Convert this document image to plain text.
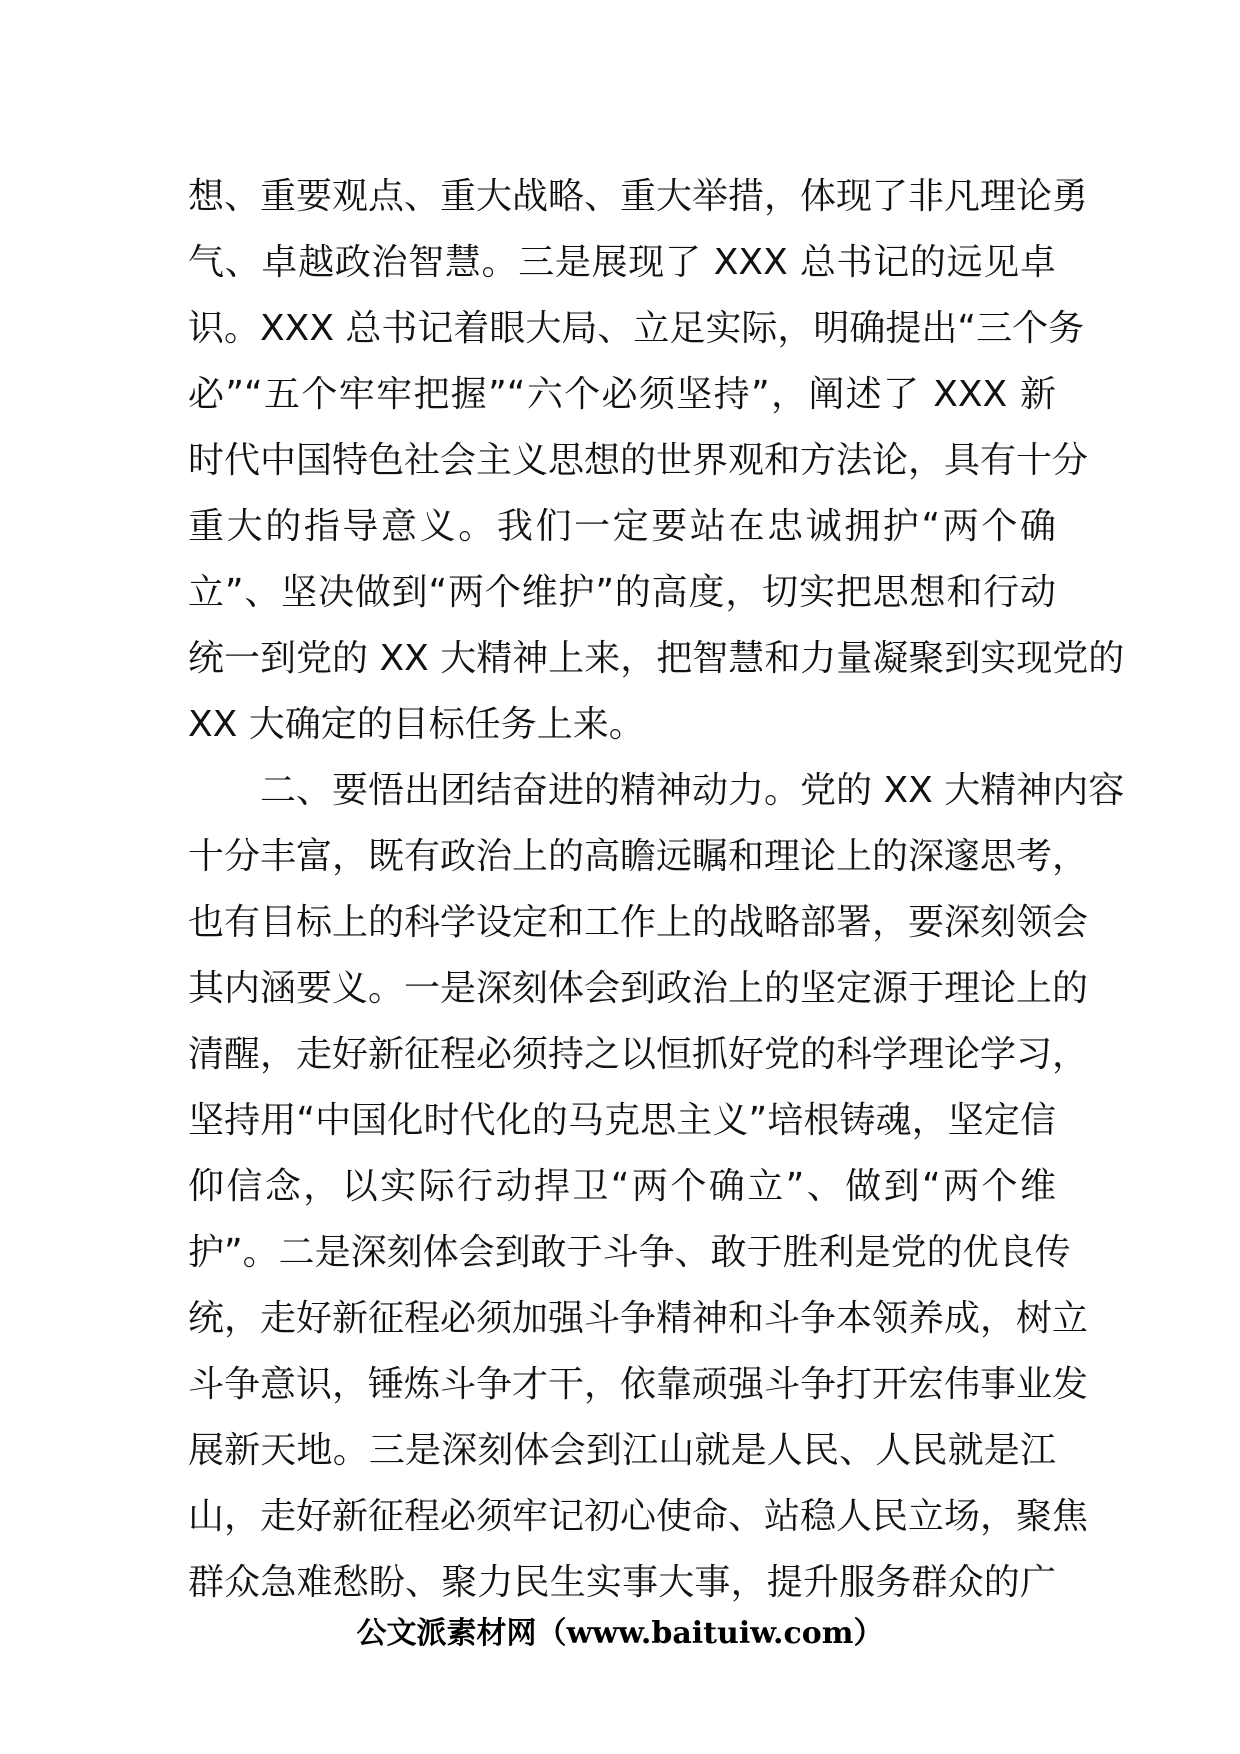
想、重要观点、重大战略、重大举措，体现了非凡理论勇
气、卓越政治智慧。三是展现了 XXX 总书记的远见卓
识。XXX 总书记着眼大局、立足实际，明确提出“三个务
必”“五个牢牢把握”“六个必须坚持”，阐述了 XXX 新
时代中国特色社会主义思想的世界观和方法论，具有十分
重大的指导意义。我们一定要站在忠诚拥护“两个确
立”、坚决做到“两个维护”的高度，切实把思想和行动
统一到党的 XX 大精神上来，把智慧和力量凝聚到实现党的
XX 大确定的目标任务上来。
二、要悟出团结奋进的精神动力。党的 XX 大精神内容
十分丰富，既有政治上的高瞻远瞩和理论上的深邃思考，
也有目标上的科学设定和工作上的战略部署，要深刻领会
其内涵要义。一是深刻体会到政治上的坚定源于理论上的
清醒，走好新征程必须持之以恒抓好党的科学理论学习，
坚持用“中国化时代化的马克思主义”培根铸魂，坚定信
仰信念，以实际行动捍卫“两个确立”、做到“两个维
护”。二是深刻体会到敢于斗争、敢于胜利是党的优良传
统，走好新征程必须加强斗争精神和斗争本领养成，树立
斗争意识，锤炼斗争才干，依靠顽强斗争打开宏伟事业发
展新天地。三是深刻体会到江山就是人民、人民就是江
山，走好新征程必须牢记初心使命、站稳人民立场，聚焦
群众急难愁盼、聚力民生实事大事，提升服务群众的广
公文派素材网（www.baituiw.com）
